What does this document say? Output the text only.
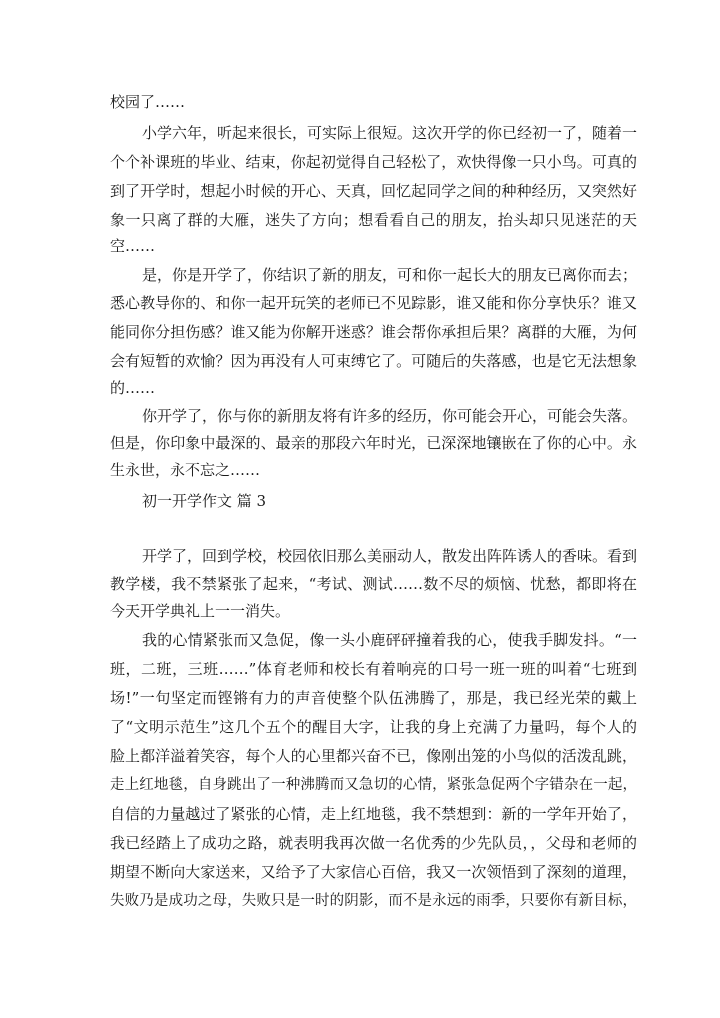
校园了……
小学六年，听起来很长，可实际上很短。这次开学的你已经初一了，随着一
个个补课班的毕业、结束，你起初觉得自己轻松了，欢快得像一只小鸟。可真的
到了开学时，想起小时候的开心、天真，回忆起同学之间的种种经历，又突然好
象一只离了群的大雁，迷失了方向；想看看自己的朋友，抬头却只见迷茫的天
空……
是，你是开学了，你结识了新的朋友，可和你一起长大的朋友已离你而去；
悉心教导你的、和你一起开玩笑的老师已不见踪影，谁又能和你分享快乐？谁又
能同你分担伤感？谁又能为你解开迷惑？谁会帮你承担后果？离群的大雁，为何
会有短暂的欢愉？因为再没有人可束缚它了。可随后的失落感，也是它无法想象
的……
你开学了，你与你的新朋友将有许多的经历，你可能会开心，可能会失落。
但是，你印象中最深的、最亲的那段六年时光，已深深地镶嵌在了你的心中。永
生永世，永不忘之……
初一开学作文 篇 3
开学了，回到学校，校园依旧那么美丽动人，散发出阵阵诱人的香味。看到
教学楼，我不禁紧张了起来，“考试、测试……数不尽的烦恼、忧愁，都即将在
今天开学典礼上一一消失。
我的心情紧张而又急促，像一头小鹿砰砰撞着我的心，使我手脚发抖。“一
班，二班，三班……”体育老师和校长有着响亮的口号一班一班的叫着“七班到
场!”一句坚定而铿锵有力的声音使整个队伍沸腾了，那是，我已经光荣的戴上
了“文明示范生”这几个五个的醒目大字，让我的身上充满了力量吗，每个人的
脸上都洋溢着笑容，每个人的心里都兴奋不已，像刚出笼的小鸟似的活泼乱跳，
走上红地毯，自身跳出了一种沸腾而又急切的心情，紧张急促两个字错杂在一起，
自信的力量越过了紧张的心情，走上红地毯，我不禁想到：新的一学年开始了，
我已经踏上了成功之路，就表明我再次做一名优秀的少先队员，，父母和老师的
期望不断向大家送来，又给予了大家信心百倍，我又一次领悟到了深刻的道理，
失败乃是成功之母，失败只是一时的阴影，而不是永远的雨季，只要你有新目标，
